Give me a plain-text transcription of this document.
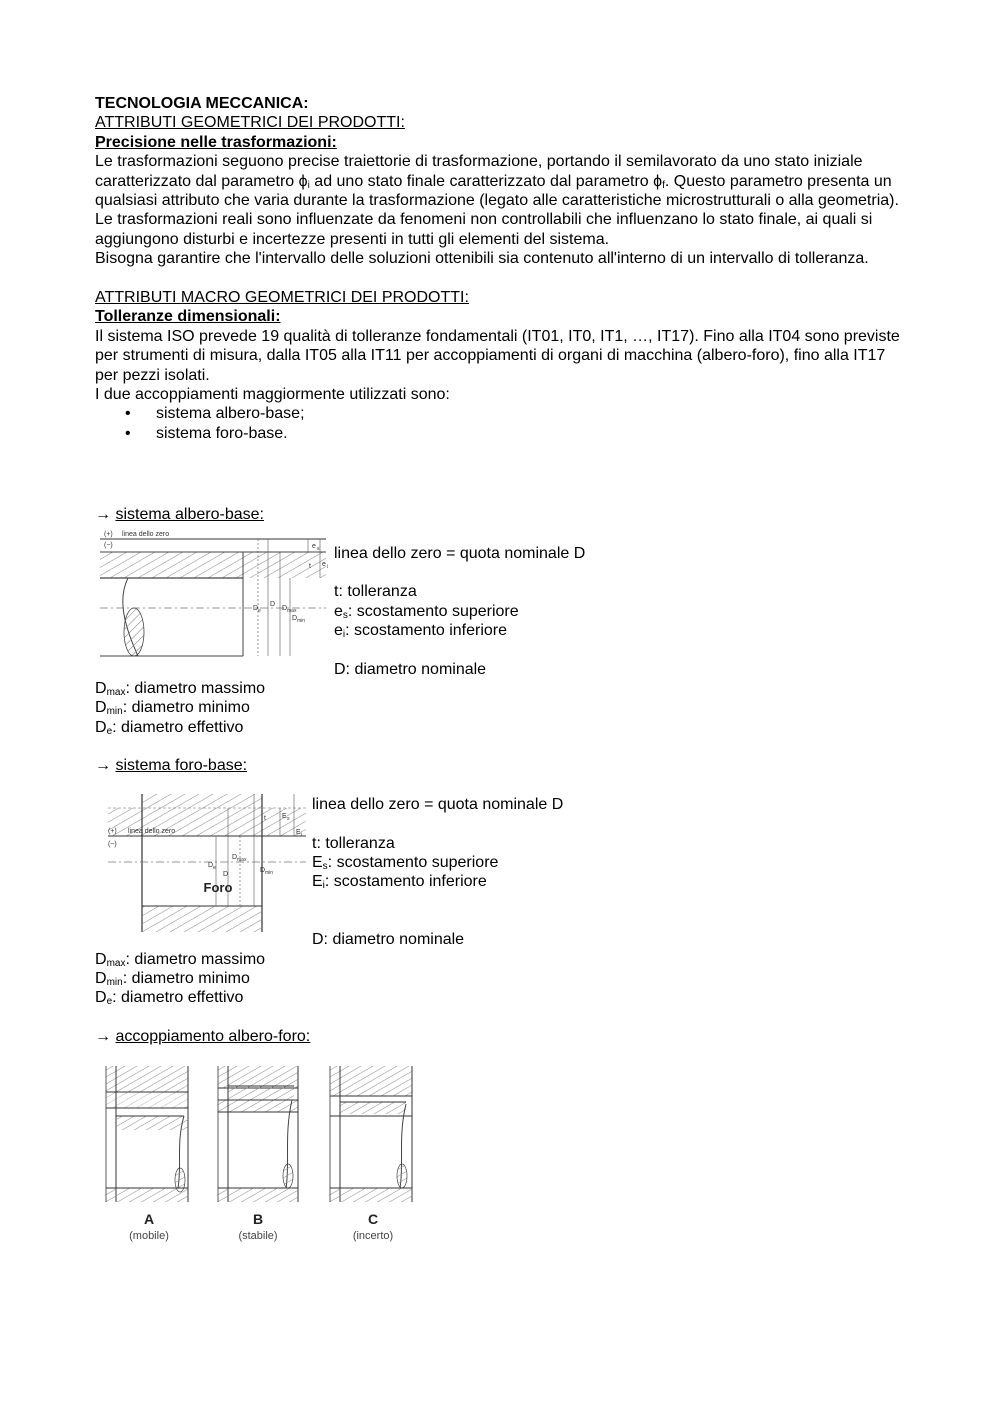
TECNOLOGIA MECCANICA:

ATTRIBUTI GEOMETRICI DEI PRODOTTI:

Precisione nelle trasformazioni:

Le trasformazioni seguono precise traiettorie di trasformazione, portando il semilavorato da uno stato iniziale caratterizzato dal parametro $\phi_i$ ad uno stato finale caratterizzato dal parametro $\phi_f$. Questo parametro presenta un qualsiasi attributo che varia durante la trasformazione (legato alle caratteristiche microstrutturali o alla geometria).

Le trasformazioni reali sono influenzate da fenomeni non controllabili che influenzano lo stato finale, ai quali si aggiungono disturbi e incertezze presenti in tutti gli elementi del sistema.

Bisogna garantire che l'intervallo delle soluzioni ottenibili sia contenuto all'interno di un intervallo di tolleranza.

ATTRIBUTI MACRO GEOMETRICI DEI PRODOTTI:

Tolleranze dimensionali:

Il sistema ISO prevede 19 qualità di tolleranze fondamentali (IT01, IT0, IT1, …, IT17). Fino alla IT04 sono previste per strumenti di misura, dalla IT05 alla IT11 per accoppiamenti di organi di macchina (albero-foro), fino alla IT17 per pezzi isolati.

I due accoppiamenti maggiormente utilizzati sono:

• sistema albero-base;
• sistema foro-base.
→ sistema albero-base:
(+) linea dello zero
(−)	e s
e i
t
D
D e	D max
D min
linea dello zero = quota nominale D
t: tolleranza
$e_s$: scostamento superiore
$e_i$: scostamento inferiore
D: diametro nominale
$D_{max}$: diametro massimo
$D_{min}$: diametro minimo
$D_e$: diametro effettivo
→ sistema foro-base:
(+) linea dello zero
(−)
E s
E i
t
D e
D
D max
D min
Foro
linea dello zero = quota nominale D
t: tolleranza
$E_s$: scostamento superiore
$E_i$: scostamento inferiore
D: diametro nominale
$D_{max}$: diametro massimo
$D_{min}$: diametro minimo
$D_e$: diametro effettivo
→ accoppiamento albero-foro:
A
(mobile)
B
(stabile)
C
(incerto)
